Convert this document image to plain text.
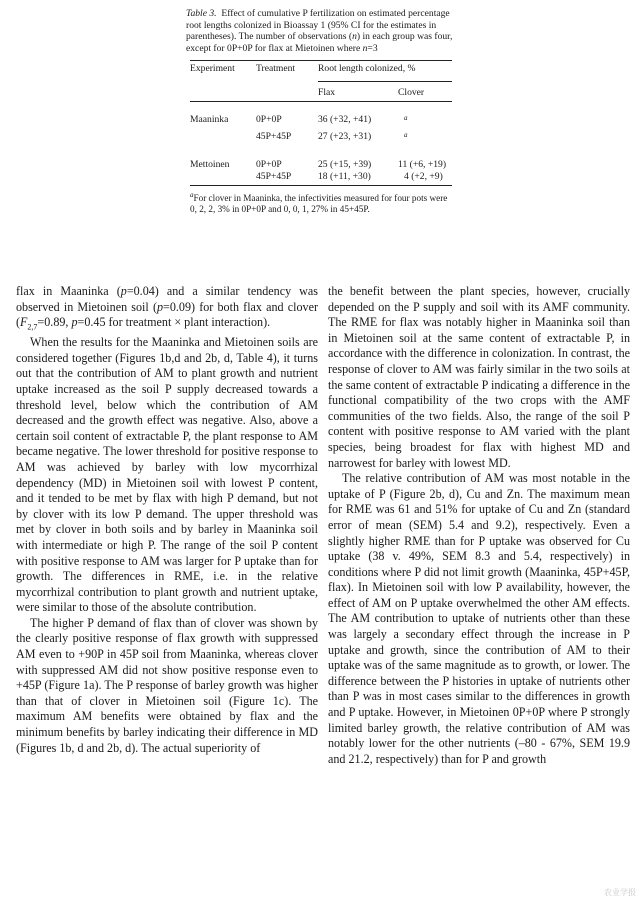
Table 3. Effect of cumulative P fertilization on estimated percentage root lengths colonized in Bioassay 1 (95% CI for the estimates in parentheses). The number of observations (n) in each group was four, except for 0P+0P for flax at Mietoinen where n=3

Experiment	Treatment	Root length colonized, %	

		Flax	Clover
Maaninka	0P+0P	36 (+32, +41)	$^a$
	45P+45P	27 (+23, +31)	$^a$

Mettoinen	0P+0P	25 (+15, +39)	11 (+6, +19)
	45P+45P	18 (+11, +30)	4 (+2, +9)

$^a$For clover in Maaninka, the infectivities measured for four pots were 0, 2, 2, 3% in 0P+0P and 0, 0, 1, 27% in 45+45P.

flax in Maaninka (p=0.04) and a similar tendency was observed in Mietoinen soil (p=0.09) for both flax and clover ($F_{2,7}=0.89$, p=0.45 for treatment × plant interaction).

When the results for the Maaninka and Mietoinen soils are considered together (Figures 1b,d and 2b, d, Table 4), it turns out that the contribution of AM to plant growth and nutrient uptake increased as the soil P supply decreased towards a threshold level, below which the contribution of AM decreased and the growth effect was negative. Also, above a certain soil content of extractable P, the plant response to AM became negative. The lower threshold for positive response to AM was achieved by barley with low mycorrhizal dependency (MD) in Mietoinen soil with lowest P content, and it tended to be met by flax with high P demand, but not by clover with its low P demand. The upper threshold was met by clover in both soils and by barley in Maaninka soil with intermediate or high P. The range of the soil P content with positive response to AM was larger for P uptake than for growth. The differences in RME, i.e. in the relative mycorrhizal contribution to plant growth and nutrient uptake, were similar to those of the absolute contribution.

The higher P demand of flax than of clover was shown by the clearly positive response of flax growth with suppressed AM even to +90P in 45P soil from Maaninka, whereas clover with suppressed AM did not show positive response even to +45P (Figure 1a). The P response of barley growth was higher than that of clover in Mietoinen soil (Figure 1c). The maximum AM benefits were obtained by flax and the minimum benefits by barley indicating their difference in MD (Figures 1b, d and 2b, d). The actual superiority of

the benefit between the plant species, however, crucially depended on the P supply and soil with its AMF community. The RME for flax was notably higher in Maaninka soil than in Mietoinen soil at the same content of extractable P, in accordance with the difference in colonization. In contrast, the response of clover to AM was fairly similar in the two soils at the same content of extractable P indicating a difference in the functional compatibility of the two crops with the AMF communities of the two fields. Also, the range of the soil P content with positive response to AM varied with the plant species, being broadest for flax with highest MD and narrowest for barley with lowest MD.

The relative contribution of AM was most notable in the uptake of P (Figure 2b, d), Cu and Zn. The maximum mean for RME was 61 and 51% for uptake of Cu and Zn (standard error of mean (SEM) 5.4 and 9.2), respectively. Even a slightly higher RME than for P uptake was observed for Cu uptake (38 v. 49%, SEM 8.3 and 5.4, respectively) in conditions where P did not limit growth (Maaninka, 45P+45P, flax). In Mietoinen soil with low P availability, however, the effect of AM on P uptake overwhelmed the other AM effects. The AM contribution to uptake of nutrients other than these was largely a secondary effect through the increase in P uptake and growth, since the contribution of AM to their uptake was of the same magnitude as to growth, or lower. The difference between the P histories in uptake of nutrients other than P was in most cases similar to the differences in growth and P uptake. However, in Mietoinen 0P+0P where P strongly limited barley growth, the relative contribution of AM was notably lower for the other nutrients (–80 - 67%, SEM 19.9 and 21.2, respectively) than for P and growth

农业学报
